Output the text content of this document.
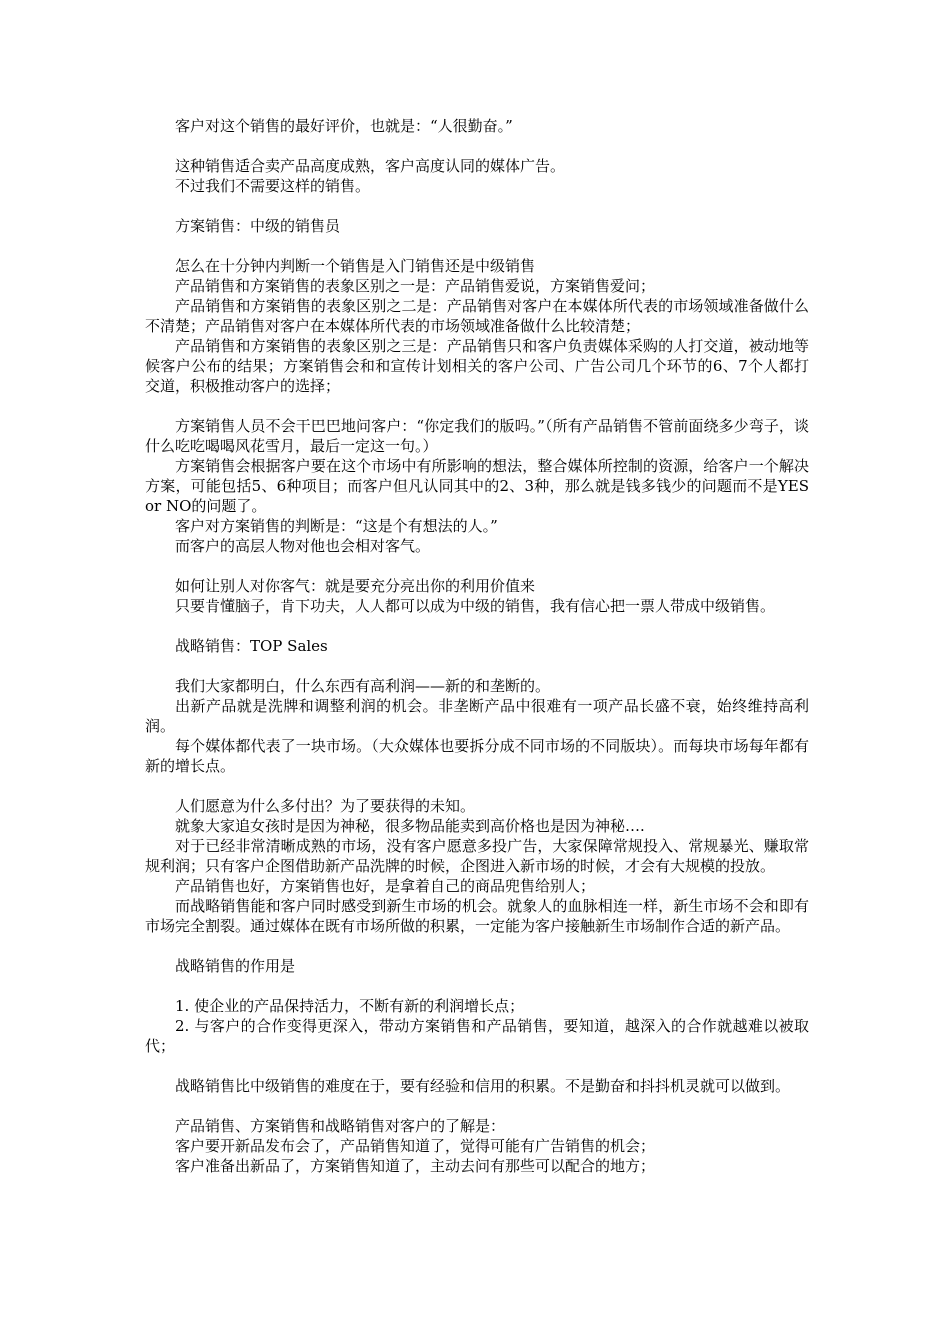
客户对这个销售的最好评价，也就是：“人很勤奋。”

这种销售适合卖产品高度成熟，客户高度认同的媒体广告。

不过我们不需要这样的销售。

方案销售：中级的销售员

怎么在十分钟内判断一个销售是入门销售还是中级销售

产品销售和方案销售的表象区别之一是：产品销售爱说，方案销售爱问；

产品销售和方案销售的表象区别之二是：产品销售对客户在本媒体所代表的市场领域准备做什么不清楚；产品销售对客户在本媒体所代表的市场领域准备做什么比较清楚；

产品销售和方案销售的表象区别之三是：产品销售只和客户负责媒体采购的人打交道，被动地等候客户公布的结果；方案销售会和和宣传计划相关的客户公司、广告公司几个环节的6、7个人都打交道，积极推动客户的选择；

方案销售人员不会干巴巴地问客户：“你定我们的版吗。”（所有产品销售不管前面绕多少弯子，谈什么吃吃喝喝风花雪月，最后一定这一句。）

方案销售会根据客户要在这个市场中有所影响的想法，整合媒体所控制的资源，给客户一个解决方案，可能包括5、6种项目；而客户但凡认同其中的2、3种，那么就是钱多钱少的问题而不是YES or NO的问题了。

客户对方案销售的判断是：“这是个有想法的人。”

而客户的高层人物对他也会相对客气。

如何让别人对你客气：就是要充分亮出你的利用价值来

只要肯懂脑子，肯下功夫，人人都可以成为中级的销售，我有信心把一票人带成中级销售。

战略销售：TOP Sales

我们大家都明白，什么东西有高利润——新的和垄断的。

出新产品就是洗牌和调整利润的机会。非垄断产品中很难有一项产品长盛不衰，始终维持高利润。

每个媒体都代表了一块市场。（大众媒体也要拆分成不同市场的不同版块）。而每块市场每年都有新的增长点。

人们愿意为什么多付出？为了要获得的未知。

就象大家追女孩时是因为神秘，很多物品能卖到高价格也是因为神秘….

对于已经非常清晰成熟的市场，没有客户愿意多投广告，大家保障常规投入、常规暴光、赚取常规利润；只有客户企图借助新产品洗牌的时候，企图进入新市场的时候，才会有大规模的投放。

产品销售也好，方案销售也好，是拿着自己的商品兜售给别人；

而战略销售能和客户同时感受到新生市场的机会。就象人的血脉相连一样，新生市场不会和即有市场完全割裂。通过媒体在既有市场所做的积累，一定能为客户接触新生市场制作合适的新产品。

战略销售的作用是

1. 使企业的产品保持活力，不断有新的利润增长点；

2. 与客户的合作变得更深入，带动方案销售和产品销售，要知道，越深入的合作就越难以被取代；

战略销售比中级销售的难度在于，要有经验和信用的积累。不是勤奋和抖抖机灵就可以做到。

产品销售、方案销售和战略销售对客户的了解是：

客户要开新品发布会了，产品销售知道了，觉得可能有广告销售的机会；

客户准备出新品了，方案销售知道了，主动去问有那些可以配合的地方；
